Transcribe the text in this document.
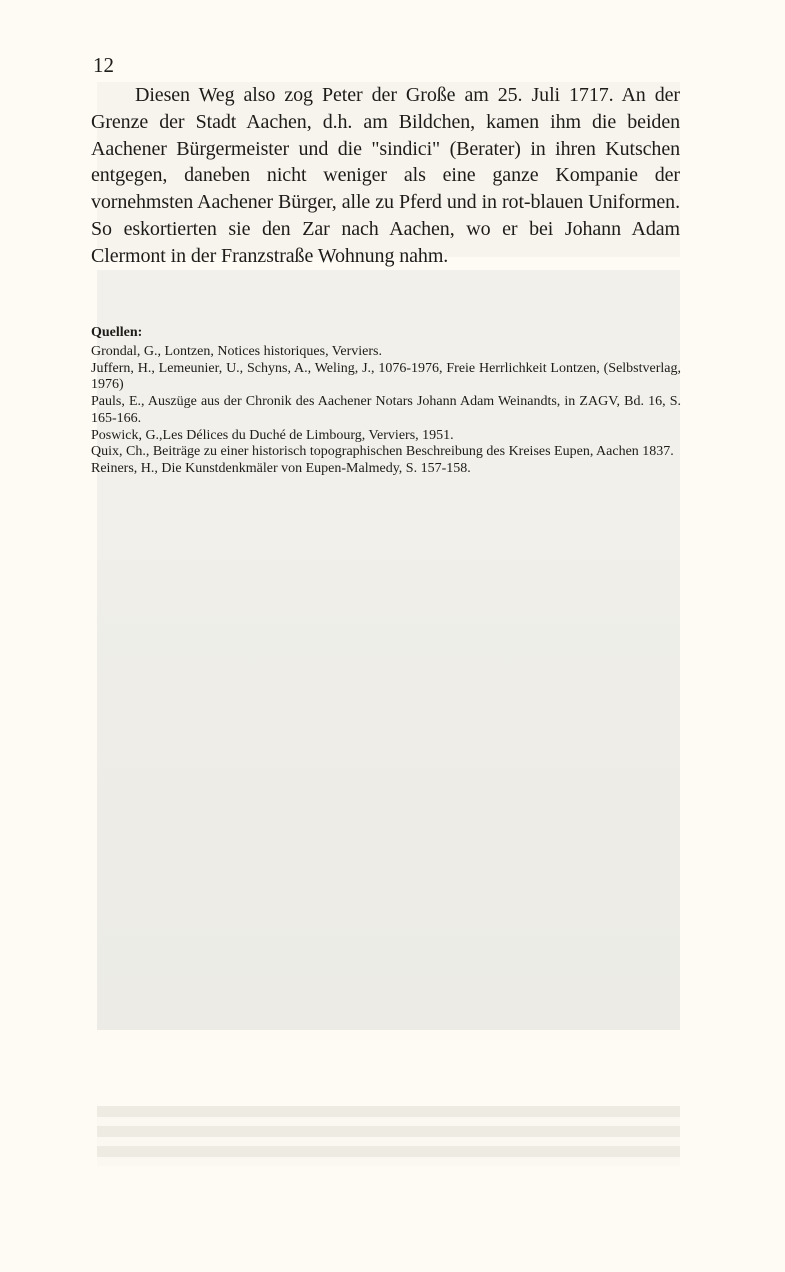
12

Diesen Weg also zog Peter der Große am 25. Juli 1717. An der Grenze der Stadt Aachen, d.h. am Bildchen, kamen ihm die beiden Aachener Bürgermeister und die "sindici" (Berater) in ihren Kutschen entgegen, daneben nicht weniger als eine ganze Kompanie der vornehmsten Aachener Bürger, alle zu Pferd und in rot-blauen Uniformen. So eskortierten sie den Zar nach Aachen, wo er bei Johann Adam Clermont in der Franzstraße Wohnung nahm.

Quellen:

Grondal, G., Lontzen, Notices historiques, Verviers.
Juffern, H., Lemeunier, U., Schyns, A., Weling, J., 1076-1976, Freie Herrlichkeit Lontzen, (Selbstverlag, 1976)
Pauls, E., Auszüge aus der Chronik des Aachener Notars Johann Adam Weinandts, in ZAGV, Bd. 16, S. 165-166.
Poswick, G.,Les Délices du Duché de Limbourg, Verviers, 1951.
Quix, Ch., Beiträge zu einer historisch topographischen Beschreibung des Kreises Eupen, Aachen 1837.
Reiners, H., Die Kunstdenkmäler von Eupen-Malmedy, S. 157-158.
